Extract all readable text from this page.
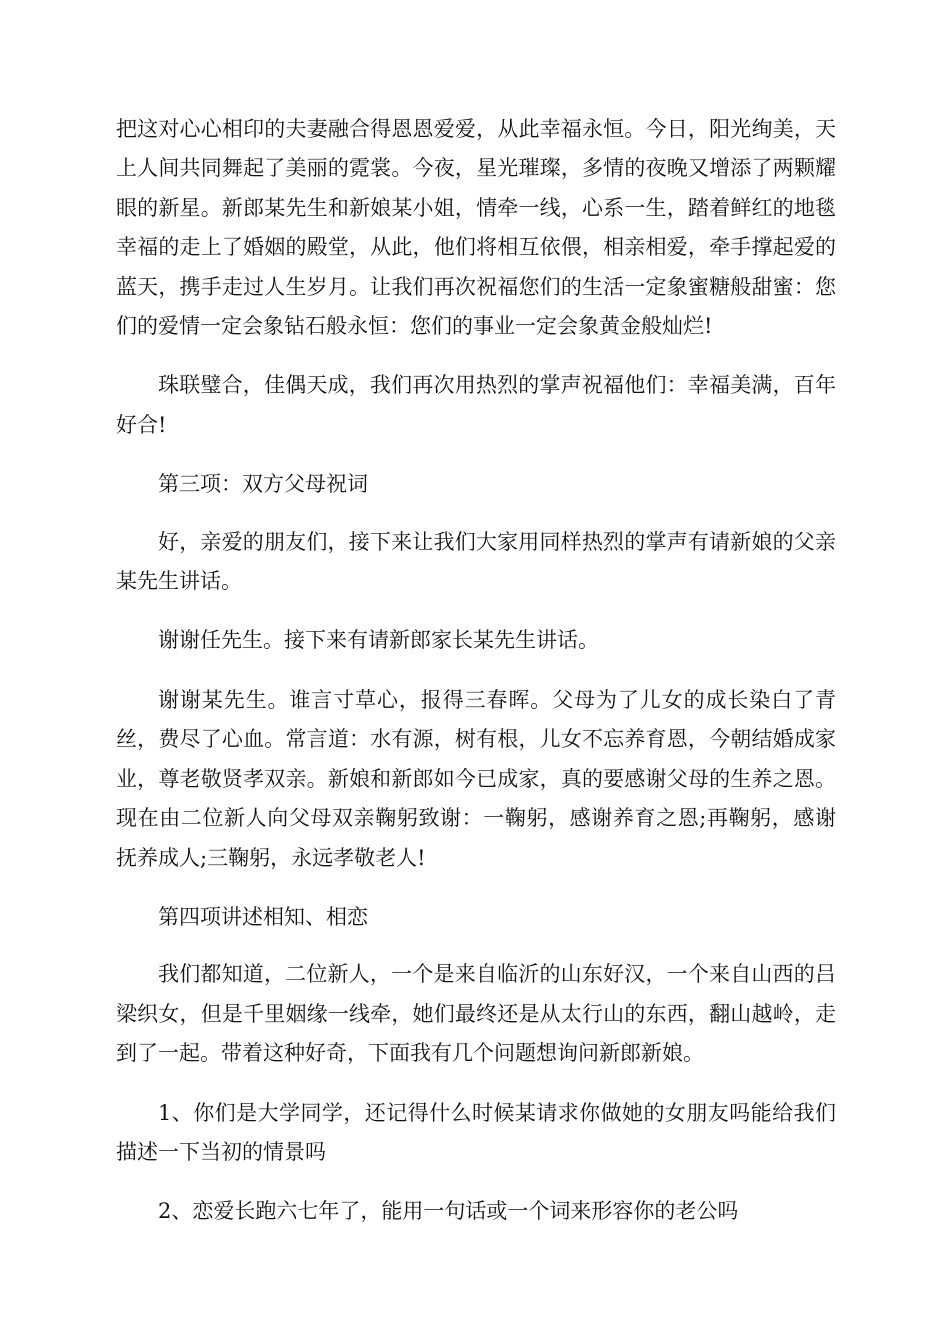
把这对心心相印的夫妻融合得恩恩爱爱，从此幸福永恒。今日，阳光绚美，天上人间共同舞起了美丽的霓裳。今夜，星光璀璨，多情的夜晚又增添了两颗耀眼的新星。新郎某先生和新娘某小姐，情牵一线，心系一生，踏着鲜红的地毯幸福的走上了婚姻的殿堂，从此，他们将相互依偎，相亲相爱，牵手撑起爱的蓝天，携手走过人生岁月。让我们再次祝福您们的生活一定象蜜糖般甜蜜：您们的爱情一定会象钻石般永恒：您们的事业一定会象黄金般灿烂!

珠联璧合，佳偶天成，我们再次用热烈的掌声祝福他们：幸福美满，百年好合!

第三项：双方父母祝词

好，亲爱的朋友们，接下来让我们大家用同样热烈的掌声有请新娘的父亲某先生讲话。

谢谢任先生。接下来有请新郎家长某先生讲话。

谢谢某先生。谁言寸草心，报得三春晖。父母为了儿女的成长染白了青丝，费尽了心血。常言道：水有源，树有根，儿女不忘养育恩，今朝结婚成家业，尊老敬贤孝双亲。新娘和新郎如今已成家，真的要感谢父母的生养之恩。现在由二位新人向父母双亲鞠躬致谢：一鞠躬，感谢养育之恩;再鞠躬，感谢抚养成人;三鞠躬，永远孝敬老人!

第四项讲述相知、相恋

我们都知道，二位新人，一个是来自临沂的山东好汉，一个来自山西的吕梁织女，但是千里姻缘一线牵，她们最终还是从太行山的东西，翻山越岭，走到了一起。带着这种好奇，下面我有几个问题想询问新郎新娘。

1、你们是大学同学，还记得什么时候某请求你做她的女朋友吗能给我们描述一下当初的情景吗

2、恋爱长跑六七年了，能用一句话或一个词来形容你的老公吗
